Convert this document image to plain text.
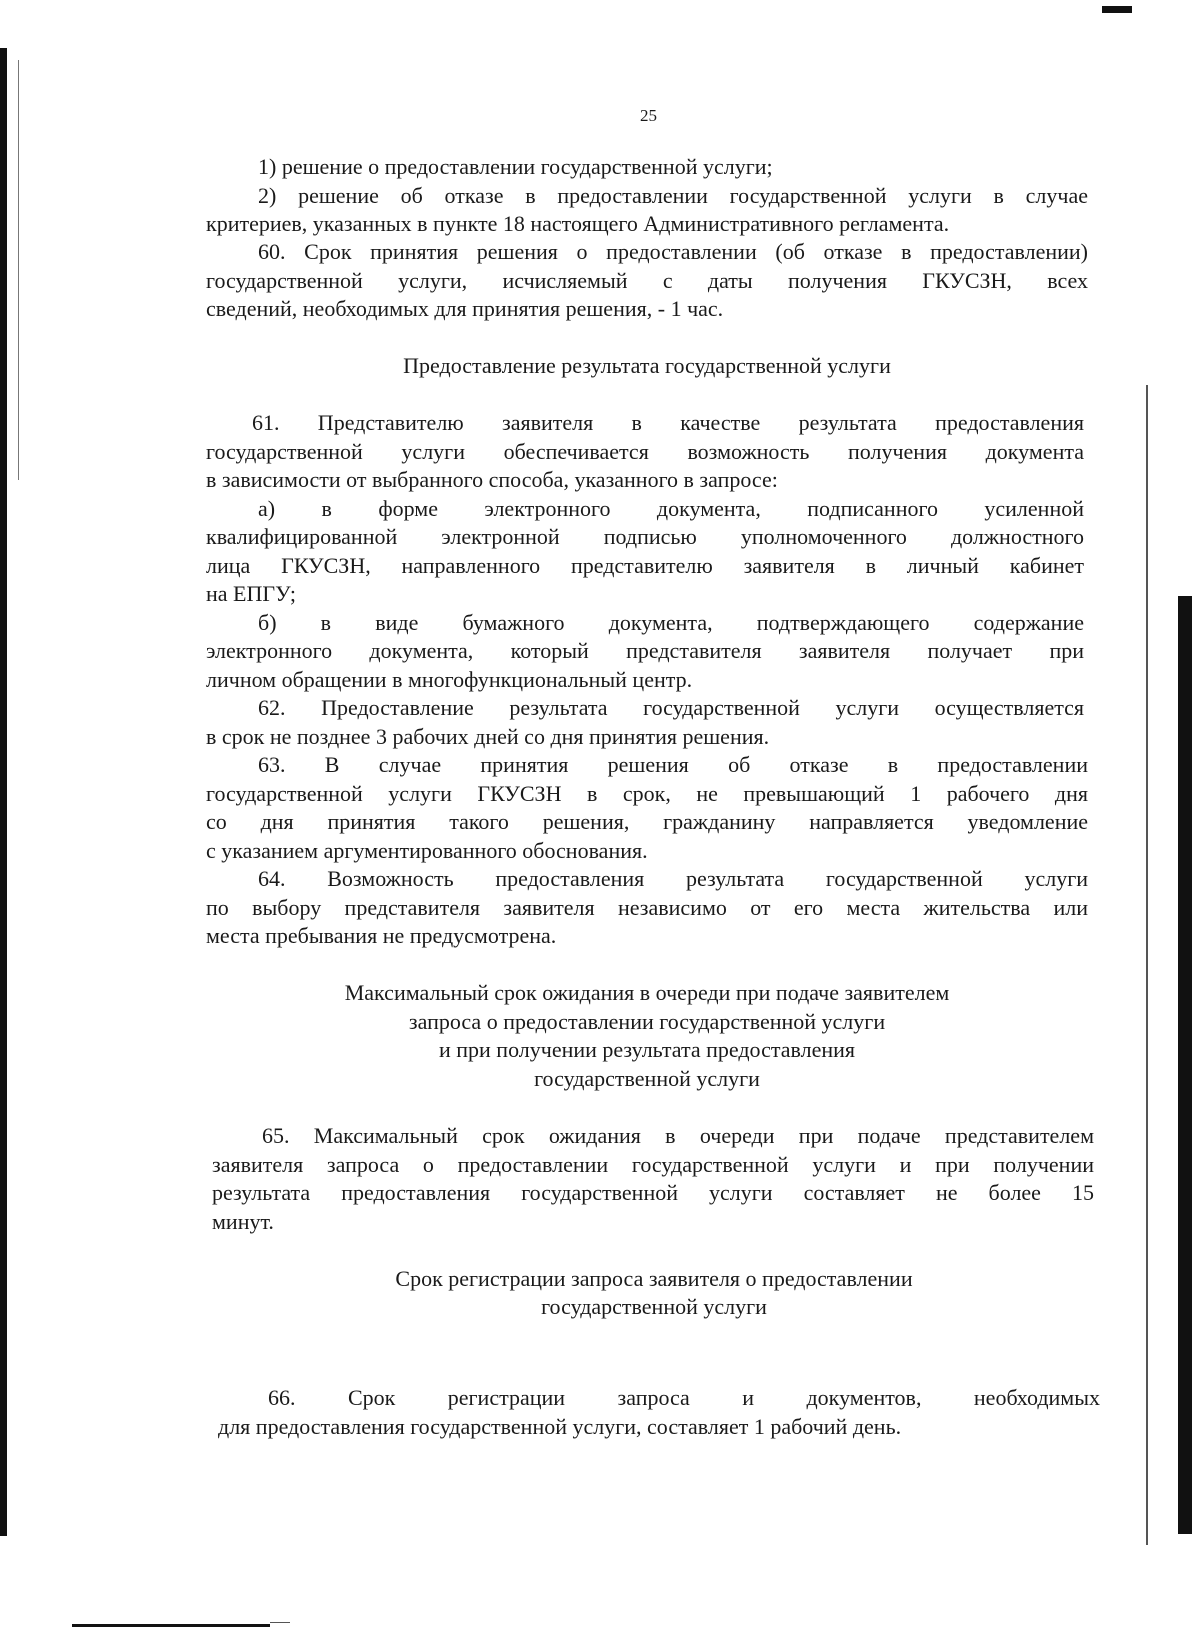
25
1) решение о предоставлении государственной услуги;
2) решение об отказе в предоставлении государственной услуги в случае
критериев, указанных в пункте 18 настоящего Административного регламента.
60. Срок принятия решения о предоставлении (об отказе в предоставлении)
государственной услуги, исчисляемый с даты получения ГКУСЗН, всех
сведений, необходимых для принятия решения, - 1 час.
Предоставление результата государственной услуги
61. Представителю заявителя в качестве результата предоставления
государственной услуги обеспечивается возможность получения документа
в зависимости от выбранного способа, указанного в запросе:
а) в форме электронного документа, подписанного усиленной
квалифицированной электронной подписью уполномоченного должностного
лица ГКУСЗН, направленного представителю заявителя в личный кабинет
на ЕПГУ;
б) в виде бумажного документа, подтверждающего содержание
электронного документа, который представителя заявителя получает при
личном обращении в многофункциональный центр.
62. Предоставление результата государственной услуги осуществляется
в срок не позднее 3 рабочих дней со дня принятия решения.
63. В случае принятия решения об отказе в предоставлении
государственной услуги ГКУСЗН в срок, не превышающий 1 рабочего дня
со дня принятия такого решения, гражданину направляется уведомление
с указанием аргументированного обоснования.
64. Возможность предоставления результата государственной услуги
по выбору представителя заявителя независимо от его места жительства или
места пребывания не предусмотрена.
Максимальный срок ожидания в очереди при подаче заявителем
запроса о предоставлении государственной услуги
и при получении результата предоставления
государственной услуги
65. Максимальный срок ожидания в очереди при подаче представителем
заявителя запроса о предоставлении государственной услуги и при получении
результата предоставления государственной услуги составляет не более 15
минут.
Срок регистрации запроса заявителя о предоставлении
государственной услуги
66. Срок регистрации запроса и документов, необходимых
для предоставления государственной услуги, составляет 1 рабочий день.
